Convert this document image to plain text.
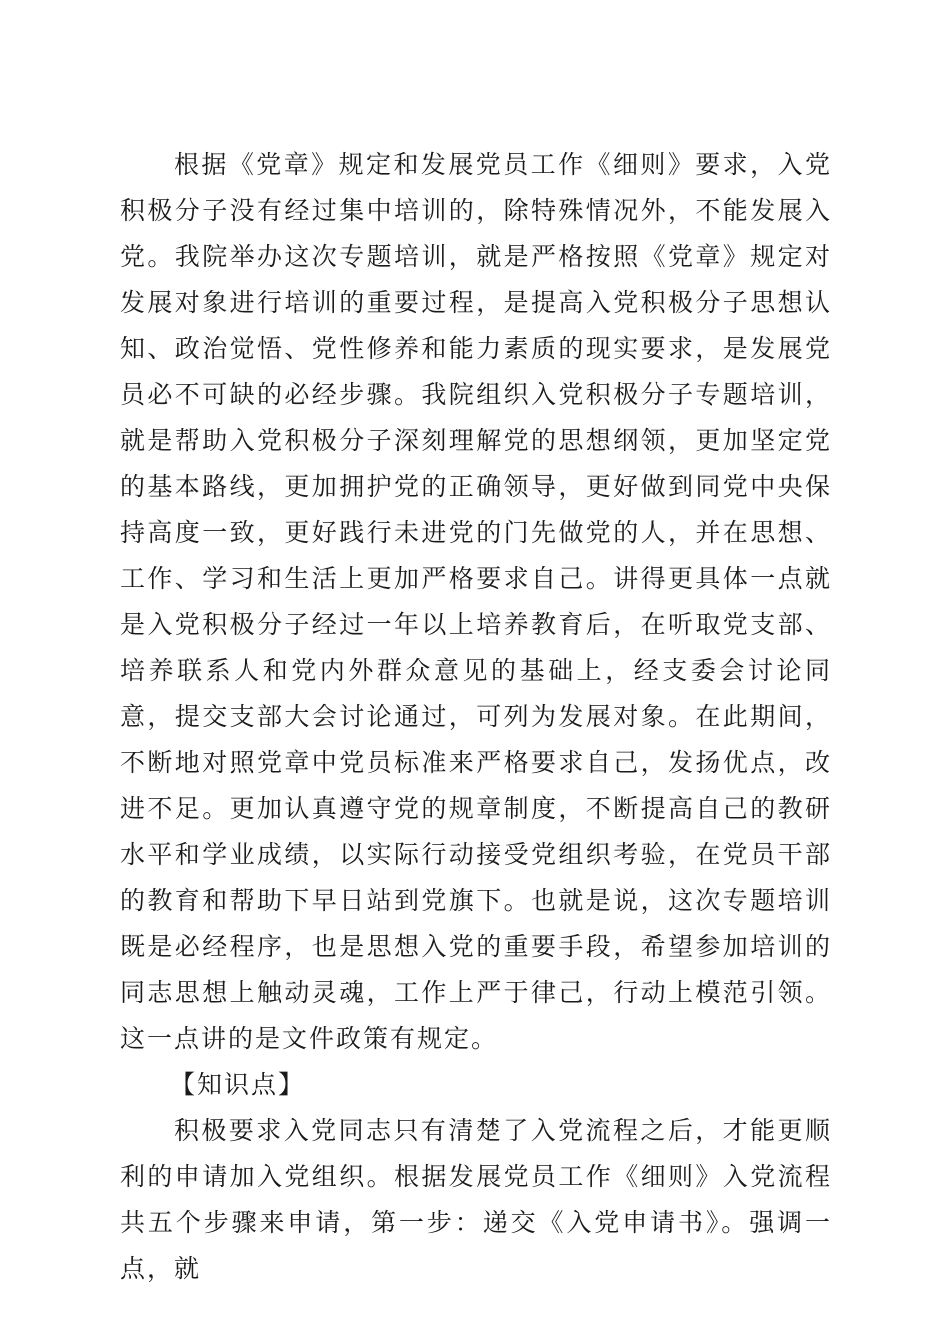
根据《党章》规定和发展党员工作《细则》要求，入党积极分子没有经过集中培训的，除特殊情况外，不能发展入党。我院举办这次专题培训，就是严格按照《党章》规定对发展对象进行培训的重要过程，是提高入党积极分子思想认知、政治觉悟、党性修养和能力素质的现实要求，是发展党员必不可缺的必经步骤。我院组织入党积极分子专题培训，就是帮助入党积极分子深刻理解党的思想纲领，更加坚定党的基本路线，更加拥护党的正确领导，更好做到同党中央保持高度一致，更好践行未进党的门先做党的人，并在思想、工作、学习和生活上更加严格要求自己。讲得更具体一点就是入党积极分子经过一年以上培养教育后，在听取党支部、培养联系人和党内外群众意见的基础上，经支委会讨论同意，提交支部大会讨论通过，可列为发展对象。在此期间，不断地对照党章中党员标准来严格要求自己，发扬优点，改进不足。更加认真遵守党的规章制度，不断提高自己的教研水平和学业成绩，以实际行动接受党组织考验，在党员干部的教育和帮助下早日站到党旗下。也就是说，这次专题培训既是必经程序，也是思想入党的重要手段，希望参加培训的同志思想上触动灵魂，工作上严于律己，行动上模范引领。这一点讲的是文件政策有规定。

【知识点】

积极要求入党同志只有清楚了入党流程之后，才能更顺利的申请加入党组织。根据发展党员工作《细则》入党流程共五个步骤来申请，第一步：递交《入党申请书》。强调一点，就
